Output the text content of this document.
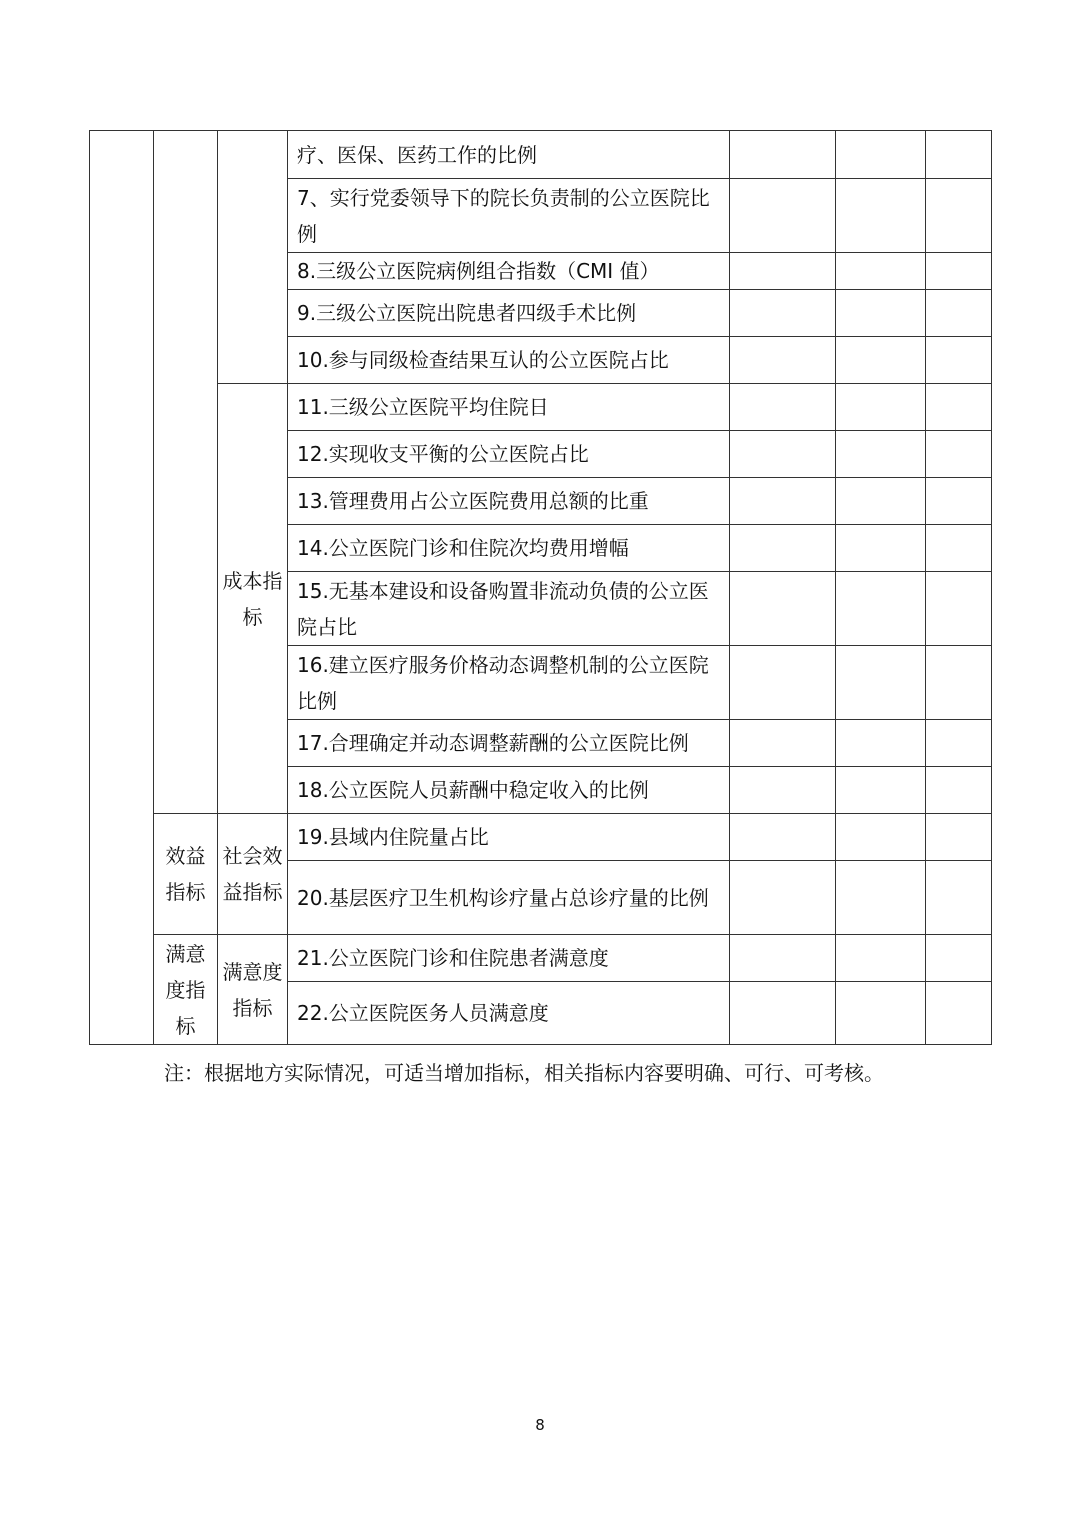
			疗、医保、医药工作的比例			
			7、实行党委领导下的院长负责制的公立医院比例			
			8.三级公立医院病例组合指数（CMI 值）			
			9.三级公立医院出院患者四级手术比例			
			10.参与同级检查结果互认的公立医院占比			
		成本指标	11.三级公立医院平均住院日			
			12.实现收支平衡的公立医院占比			
			13.管理费用占公立医院费用总额的比重			
			14.公立医院门诊和住院次均费用增幅			
			15.无基本建设和设备购置非流动负债的公立医院占比			
			16.建立医疗服务价格动态调整机制的公立医院比例			
			17.合理确定并动态调整薪酬的公立医院比例			
			18.公立医院人员薪酬中稳定收入的比例			
	效益指标	社会效益指标	19.县域内住院量占比			
			20.基层医疗卫生机构诊疗量占总诊疗量的比例			
	满意度指标	满意度指标	21.公立医院门诊和住院患者满意度			
			22.公立医院医务人员满意度			
注：根据地方实际情况，可适当增加指标，相关指标内容要明确、可行、可考核。
8
